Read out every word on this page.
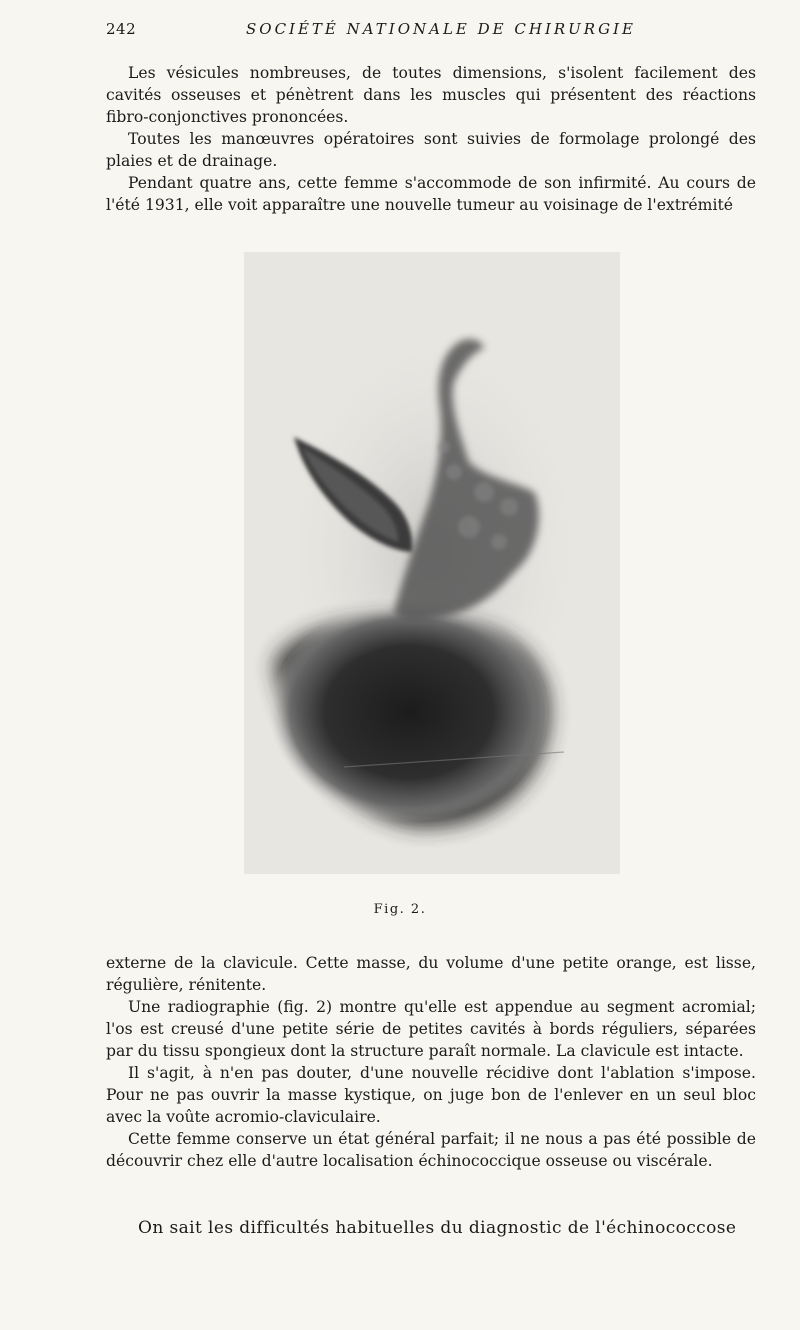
242	SOCIÉTÉ NATIONALE DE CHIRURGIE

Les vésicules nombreuses, de toutes dimensions, s'isolent facilement des cavités osseuses et pénètrent dans les muscles qui présentent des réactions fibro-conjonctives prononcées.

Toutes les manœuvres opératoires sont suivies de formolage prolongé des plaies et de drainage.

Pendant quatre ans, cette femme s'accommode de son infirmité. Au cours de l'été 1931, elle voit apparaître une nouvelle tumeur au voisinage de l'extrémité

Fig. 2.

externe de la clavicule. Cette masse, du volume d'une petite orange, est lisse, régulière, rénitente.

Une radiographie (fig. 2) montre qu'elle est appendue au segment acromial; l'os est creusé d'une petite série de petites cavités à bords réguliers, séparées par du tissu spongieux dont la structure paraît normale. La clavicule est intacte.

Il s'agit, à n'en pas douter, d'une nouvelle récidive dont l'ablation s'impose. Pour ne pas ouvrir la masse kystique, on juge bon de l'enlever en un seul bloc avec la voûte acromio-claviculaire.

Cette femme conserve un état général parfait; il ne nous a pas été possible de découvrir chez elle d'autre localisation échinococcique osseuse ou viscérale.

On sait les difficultés habituelles du diagnostic de l'échinococcose
